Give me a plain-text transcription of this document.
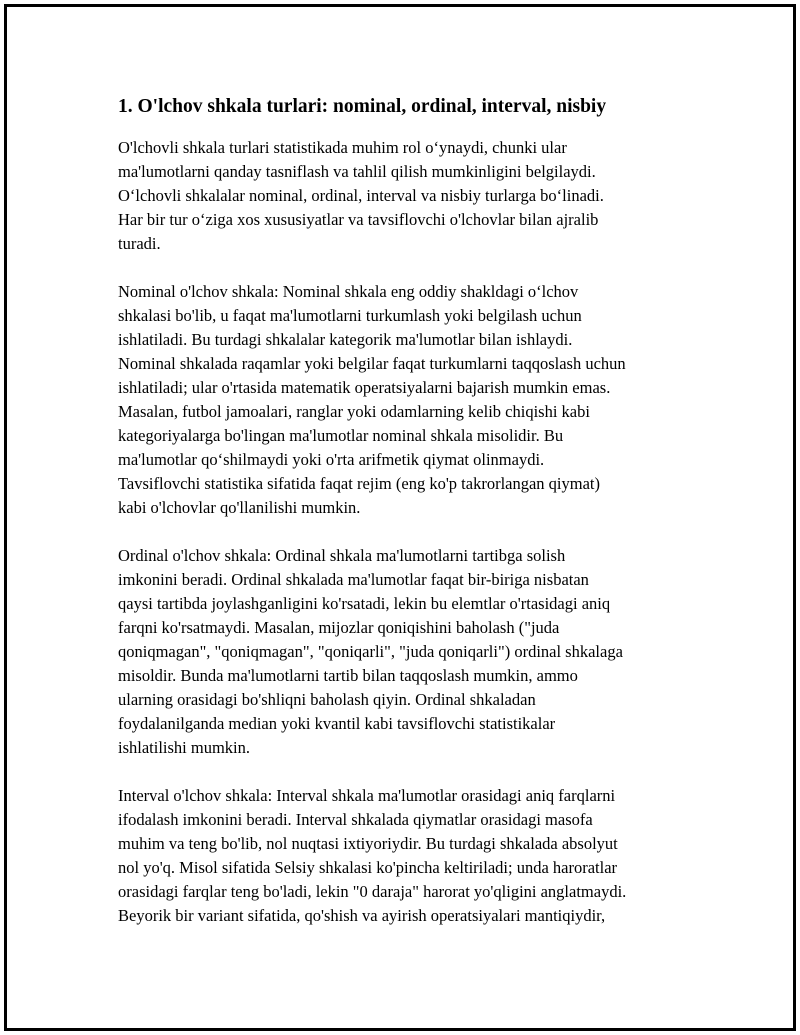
1. O'lchov shkala turlari: nominal, ordinal, interval, nisbiy
O'lchovli shkala turlari statistikada muhim rol o‘ynaydi, chunki ular
ma'lumotlarni qanday tasniflash va tahlil qilish mumkinligini belgilaydi.
O‘lchovli shkalalar nominal, ordinal, interval va nisbiy turlarga bo‘linadi.
Har bir tur o‘ziga xos xususiyatlar va tavsiflovchi o'lchovlar bilan ajralib
turadi.
Nominal o'lchov shkala: Nominal shkala eng oddiy shakldagi o‘lchov
shkalasi bo'lib, u faqat ma'lumotlarni turkumlash yoki belgilash uchun
ishlatiladi. Bu turdagi shkalalar kategorik ma'lumotlar bilan ishlaydi.
Nominal shkalada raqamlar yoki belgilar faqat turkumlarni taqqoslash uchun
ishlatiladi; ular o'rtasida matematik operatsiyalarni bajarish mumkin emas.
Masalan, futbol jamoalari, ranglar yoki odamlarning kelib chiqishi kabi
kategoriyalarga bo'lingan ma'lumotlar nominal shkala misolidir. Bu
ma'lumotlar qo‘shilmaydi yoki o'rta arifmetik qiymat olinmaydi.
Tavsiflovchi statistika sifatida faqat rejim (eng ko'p takrorlangan qiymat)
kabi o'lchovlar qo'llanilishi mumkin.
Ordinal o'lchov shkala: Ordinal shkala ma'lumotlarni tartibga solish
imkonini beradi. Ordinal shkalada ma'lumotlar faqat bir-biriga nisbatan
qaysi tartibda joylashganligini ko'rsatadi, lekin bu elemtlar o'rtasidagi aniq
farqni ko'rsatmaydi. Masalan, mijozlar qoniqishini baholash ("juda
qoniqmagan", "qoniqmagan", "qoniqarli", "juda qoniqarli") ordinal shkalaga
misoldir. Bunda ma'lumotlarni tartib bilan taqqoslash mumkin, ammo
ularning orasidagi bo'shliqni baholash qiyin. Ordinal shkaladan
foydalanilganda median yoki kvantil kabi tavsiflovchi statistikalar
ishlatilishi mumkin.
Interval o'lchov shkala: Interval shkala ma'lumotlar orasidagi aniq farqlarni
ifodalash imkonini beradi. Interval shkalada qiymatlar orasidagi masofa
muhim va teng bo'lib, nol nuqtasi ixtiyoriydir. Bu turdagi shkalada absolyut
nol yo'q. Misol sifatida Selsiy shkalasi ko'pincha keltiriladi; unda haroratlar
orasidagi farqlar teng bo'ladi, lekin "0 daraja" harorat yo'qligini anglatmaydi.
Beyorik bir variant sifatida, qo'shish va ayirish operatsiyalari mantiqiydir,
